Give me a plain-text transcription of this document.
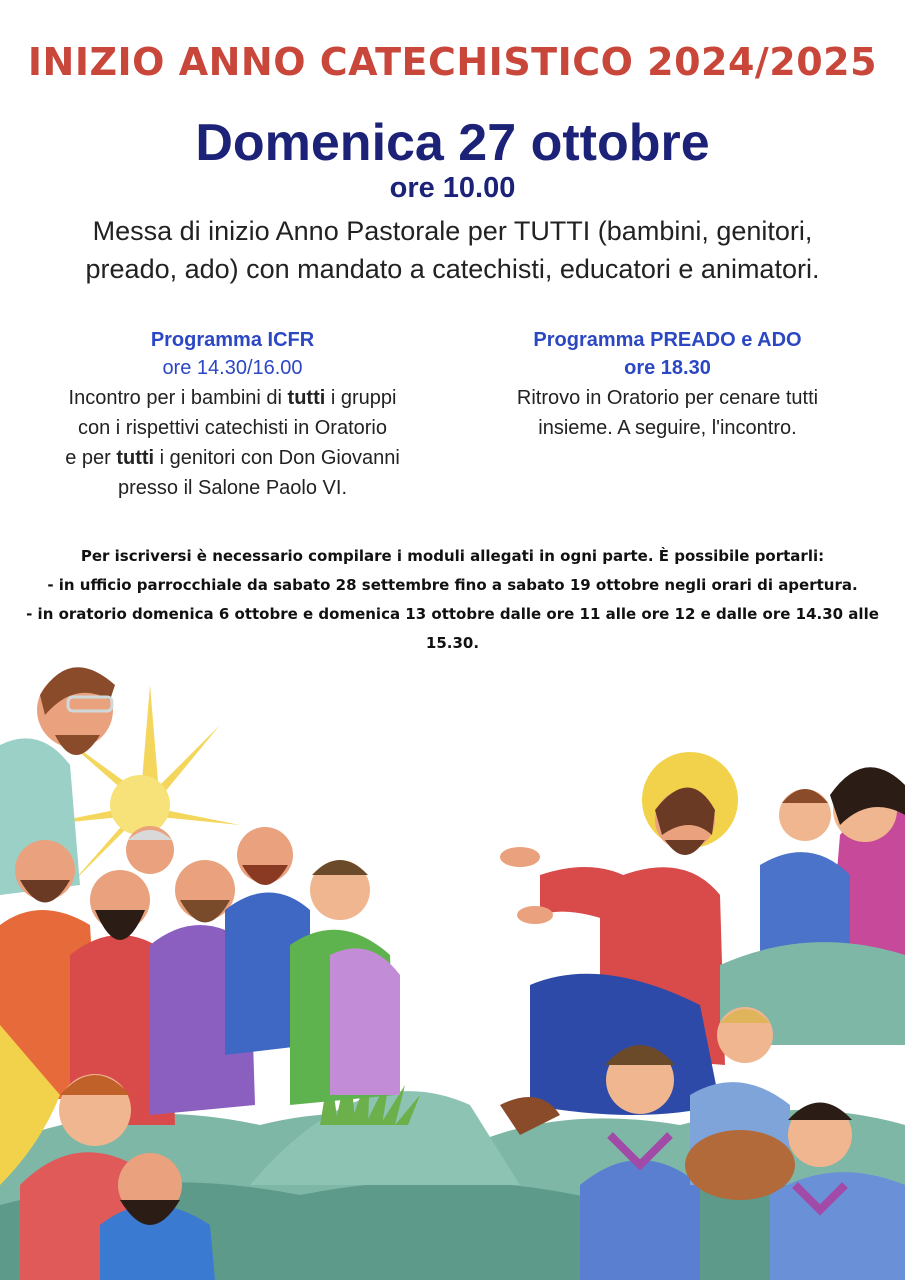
INIZIO ANNO CATECHISTICO 2024/2025
Domenica 27 ottobre
ore 10.00
Messa di inizio Anno Pastorale per TUTTI (bambini, genitori,
preado, ado) con mandato a catechisti, educatori e animatori.
Programma ICFR
ore 14.30/16.00
Incontro per i bambini di tutti i gruppi
con i rispettivi catechisti in Oratorio
e per tutti i genitori con Don Giovanni
presso il Salone Paolo VI.
Programma PREADO e ADO
ore 18.30
Ritrovo in Oratorio per cenare tutti
insieme. A seguire, l'incontro.
Per iscriversi è necessario compilare i moduli allegati in ogni parte. È possibile portarli:
- in ufficio parrocchiale da sabato 28 settembre fino a sabato 19 ottobre negli orari di apertura.
- in oratorio domenica 6 ottobre e domenica 13 ottobre dalle ore 11 alle ore 12 e dalle ore 14.30 alle 15.30.
